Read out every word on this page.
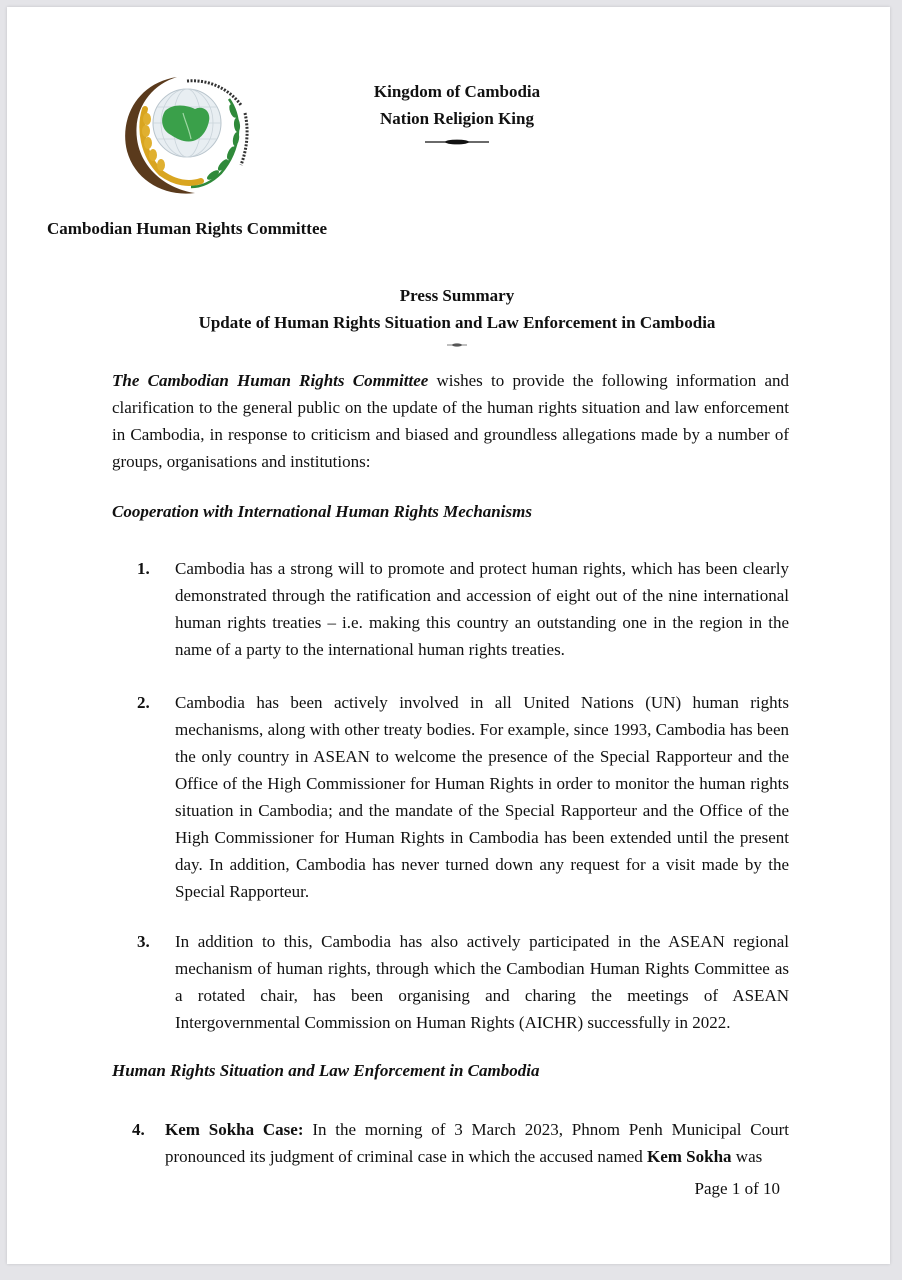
Kingdom of Cambodia
Nation Religion King
Cambodian Human Rights Committee
Press Summary
Update of Human Rights Situation and Law Enforcement in Cambodia
The Cambodian Human Rights Committee wishes to provide the following information and clarification to the general public on the update of the human rights situation and law enforcement in Cambodia, in response to criticism and biased and groundless allegations made by a number of groups, organisations and institutions:
Cooperation with International Human Rights Mechanisms
1.	Cambodia has a strong will to promote and protect human rights, which has been clearly demonstrated through the ratification and accession of eight out of the nine international human rights treaties – i.e. making this country an outstanding one in the region in the name of a party to the international human rights treaties.
2.	Cambodia has been actively involved in all United Nations (UN) human rights mechanisms, along with other treaty bodies. For example, since 1993, Cambodia has been the only country in ASEAN to welcome the presence of the Special Rapporteur and the Office of the High Commissioner for Human Rights in order to monitor the human rights situation in Cambodia; and the mandate of the Special Rapporteur and the Office of the High Commissioner for Human Rights in Cambodia has been extended until the present day. In addition, Cambodia has never turned down any request for a visit made by the Special Rapporteur.
3.	In addition to this, Cambodia has also actively participated in the ASEAN regional mechanism of human rights, through which the Cambodian Human Rights Committee as a rotated chair, has been organising and charing the meetings of ASEAN Intergovernmental Commission on Human Rights (AICHR) successfully in 2022.
Human Rights Situation and Law Enforcement in Cambodia
4.	Kem Sokha Case: In the morning of 3 March 2023, Phnom Penh Municipal Court pronounced its judgment of criminal case in which the accused named Kem Sokha was
Page 1 of 10
